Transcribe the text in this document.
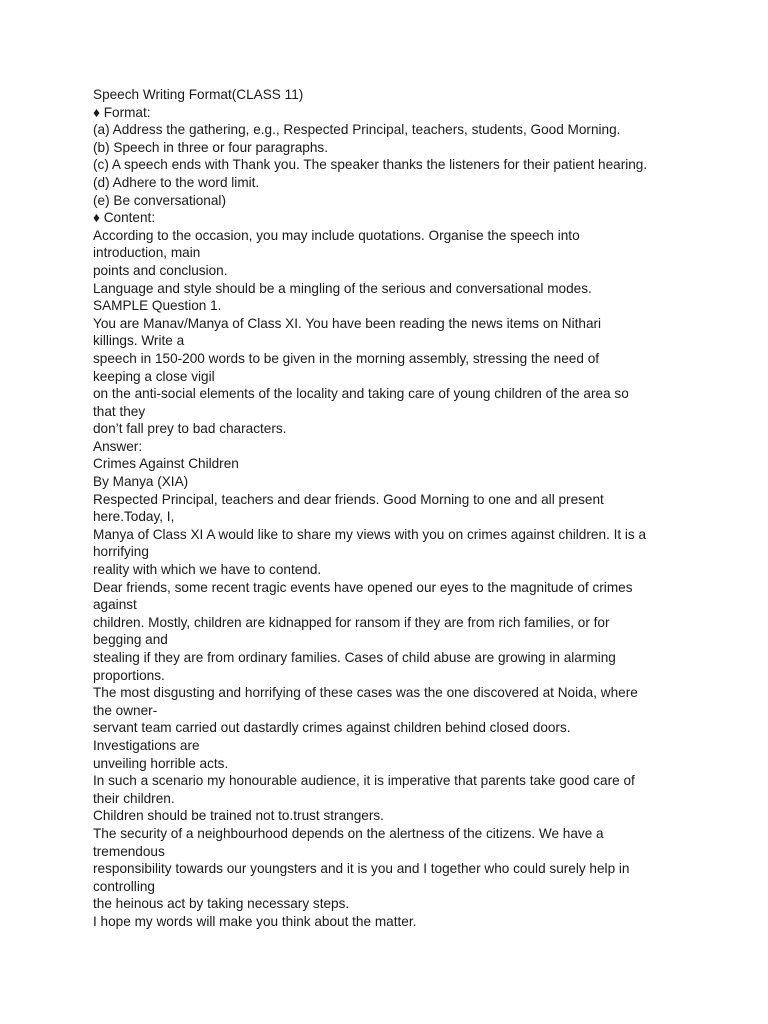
Speech Writing Format(CLASS 11)
♦ Format:
(a) Address the gathering, e.g., Respected Principal, teachers, students, Good Morning.
(b) Speech in three or four paragraphs.
(c) A speech ends with Thank you. The speaker thanks the listeners for their patient hearing.
(d) Adhere to the word limit.
(e) Be conversational)
♦ Content:
According to the occasion, you may include quotations. Organise the speech into
introduction, main
points and conclusion.
Language and style should be a mingling of the serious and conversational modes.
SAMPLE Question 1.
You are Manav/Manya of Class XI. You have been reading the news items on Nithari
killings. Write a
speech in 150-200 words to be given in the morning assembly, stressing the need of
keeping a close vigil
on the anti-social elements of the locality and taking care of young children of the area so
that they
don’t fall prey to bad characters.
Answer:
Crimes Against Children
By Manya (XIA)
Respected Principal, teachers and dear friends. Good Morning to one and all present
here.Today, I,
Manya of Class XI A would like to share my views with you on crimes against children. It is a
horrifying
reality with which we have to contend.
Dear friends, some recent tragic events have opened our eyes to the magnitude of crimes
against
children. Mostly, children are kidnapped for ransom if they are from rich families, or for
begging and
stealing if they are from ordinary families. Cases of child abuse are growing in alarming
proportions.
The most disgusting and horrifying of these cases was the one discovered at Noida, where
the owner-
servant team carried out dastardly crimes against children behind closed doors.
Investigations are
unveiling horrible acts.
In such a scenario my honourable audience, it is imperative that parents take good care of
their children.
Children should be trained not to.trust strangers.
The security of a neighbourhood depends on the alertness of the citizens. We have a
tremendous
responsibility towards our youngsters and it is you and I together who could surely help in
controlling
the heinous act by taking necessary steps.
I hope my words will make you think about the matter.
